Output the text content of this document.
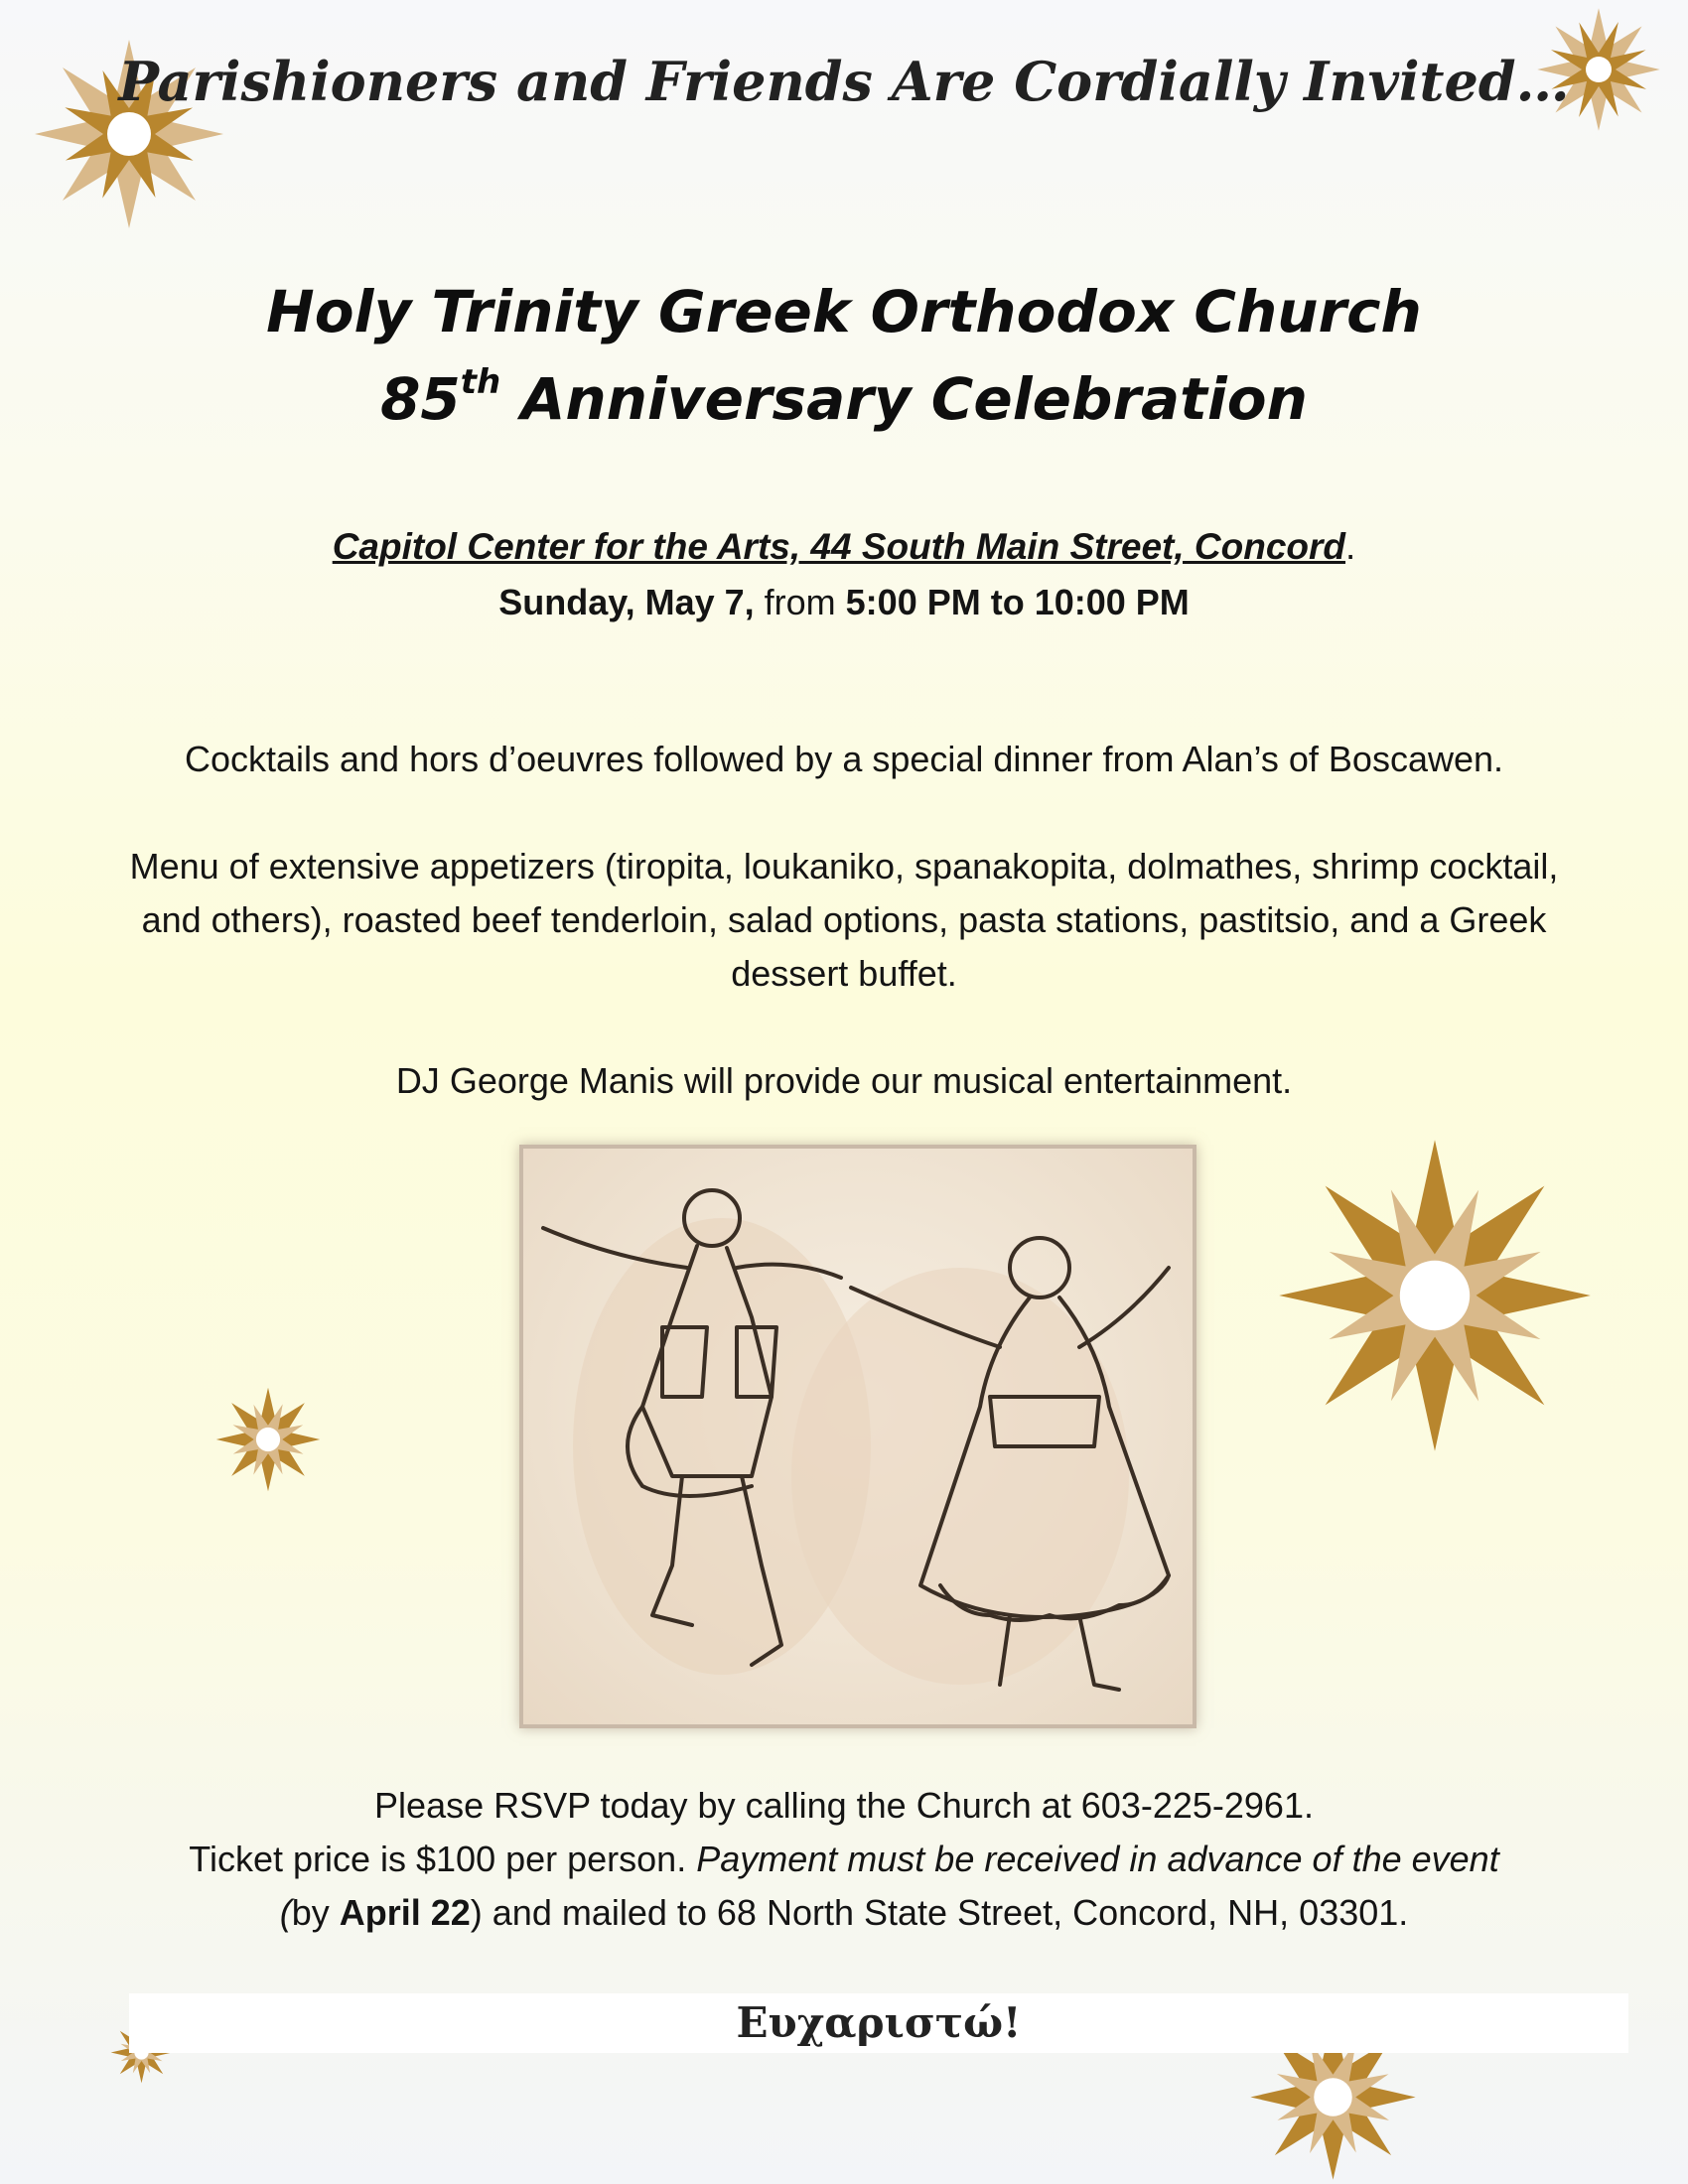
Parishioners and Friends Are Cordially Invited…
Holy Trinity Greek Orthodox Church
85th Anniversary Celebration
Capitol Center for the Arts, 44 South Main Street, Concord.
Sunday, May 7, from 5:00 PM to 10:00 PM
Cocktails and hors d’oeuvres followed by a special dinner from Alan’s of Boscawen.
Menu of extensive appetizers (tiropita, loukaniko, spanakopita, dolmathes, shrimp cocktail, and others), roasted beef tenderloin, salad options, pasta stations, pastitsio, and a Greek dessert buffet.
DJ George Manis will provide our musical entertainment.
Please RSVP today by calling the Church at 603-225-2961.
Ticket price is $100 per person. Payment must be received in advance of the event
(by April 22) and mailed to 68 North State Street, Concord, NH, 03301.
Ευχαριστώ!
